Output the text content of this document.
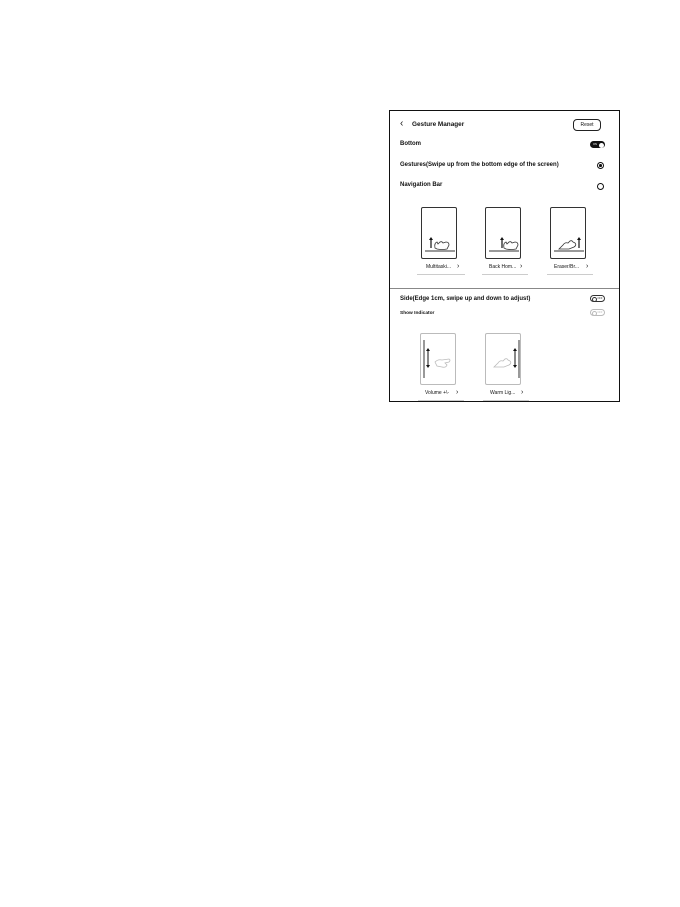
‹ Gesture Manager	Reset
Bottom	ON
Gestures(Swipe up from the bottom edge of the screen)
Navigation Bar
Multitaski... ›	Back Hom... ›	Eraser/Br... ›
Side(Edge 1cm, swipe up and down to adjust)	OFF
Show Indicator	OFF
Volume +\- ›	Warm Lig... ›
